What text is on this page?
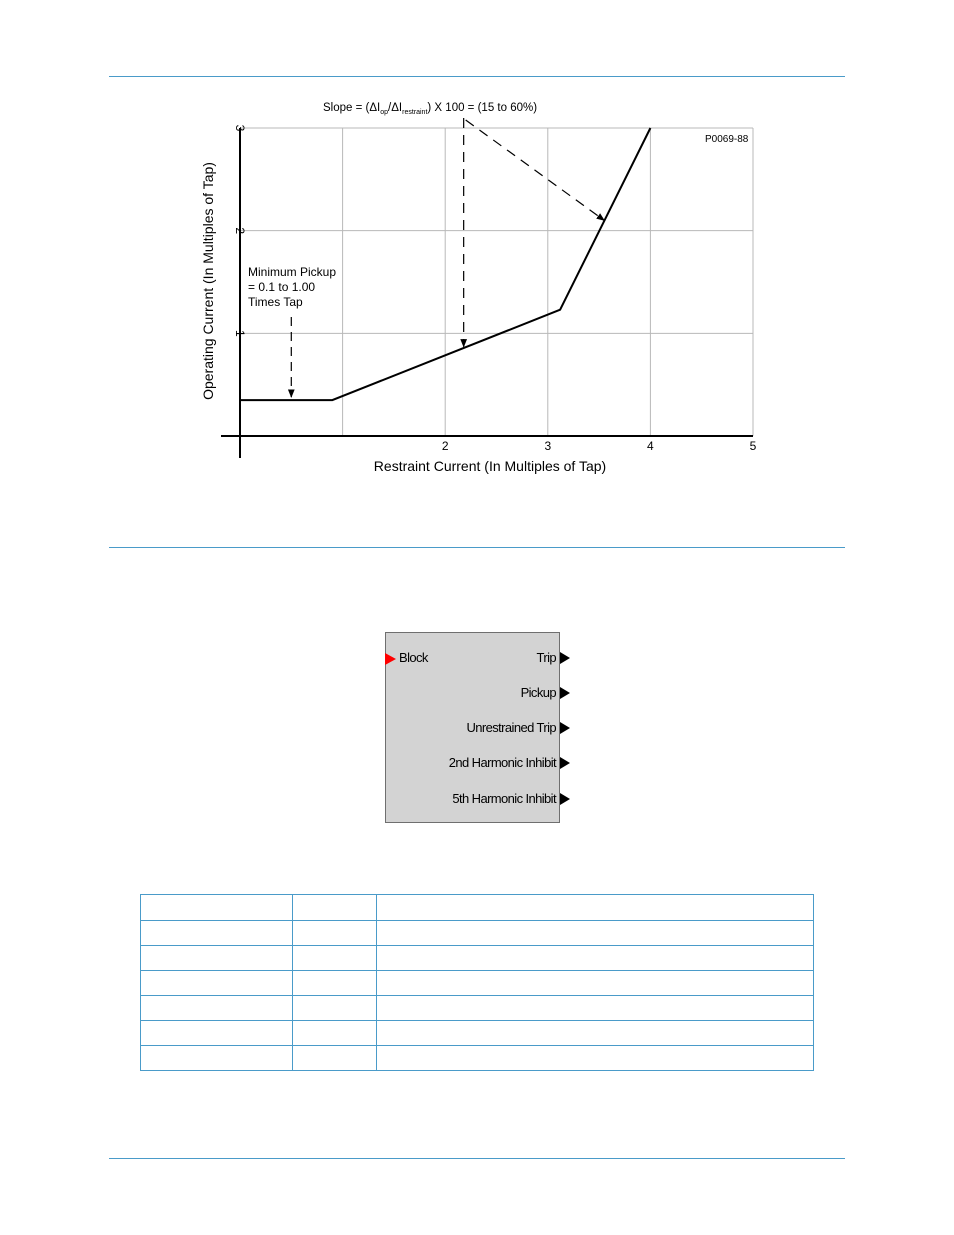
2	3	4	5
1
2
3
Slope = $(\Delta I_{op}/\Delta I_{restraint})$ X 100 = (15 to 60%)
P0069-88
Restraint Current (In Multiples of Tap)
Operating Current (In Multiples of Tap)	Minimum Pickup = 0.1 to 1.00 Times Tap
Block	Trip
Pickup
Unrestrained Trip
2nd Harmonic Inhibit
5th Harmonic Inhibit
